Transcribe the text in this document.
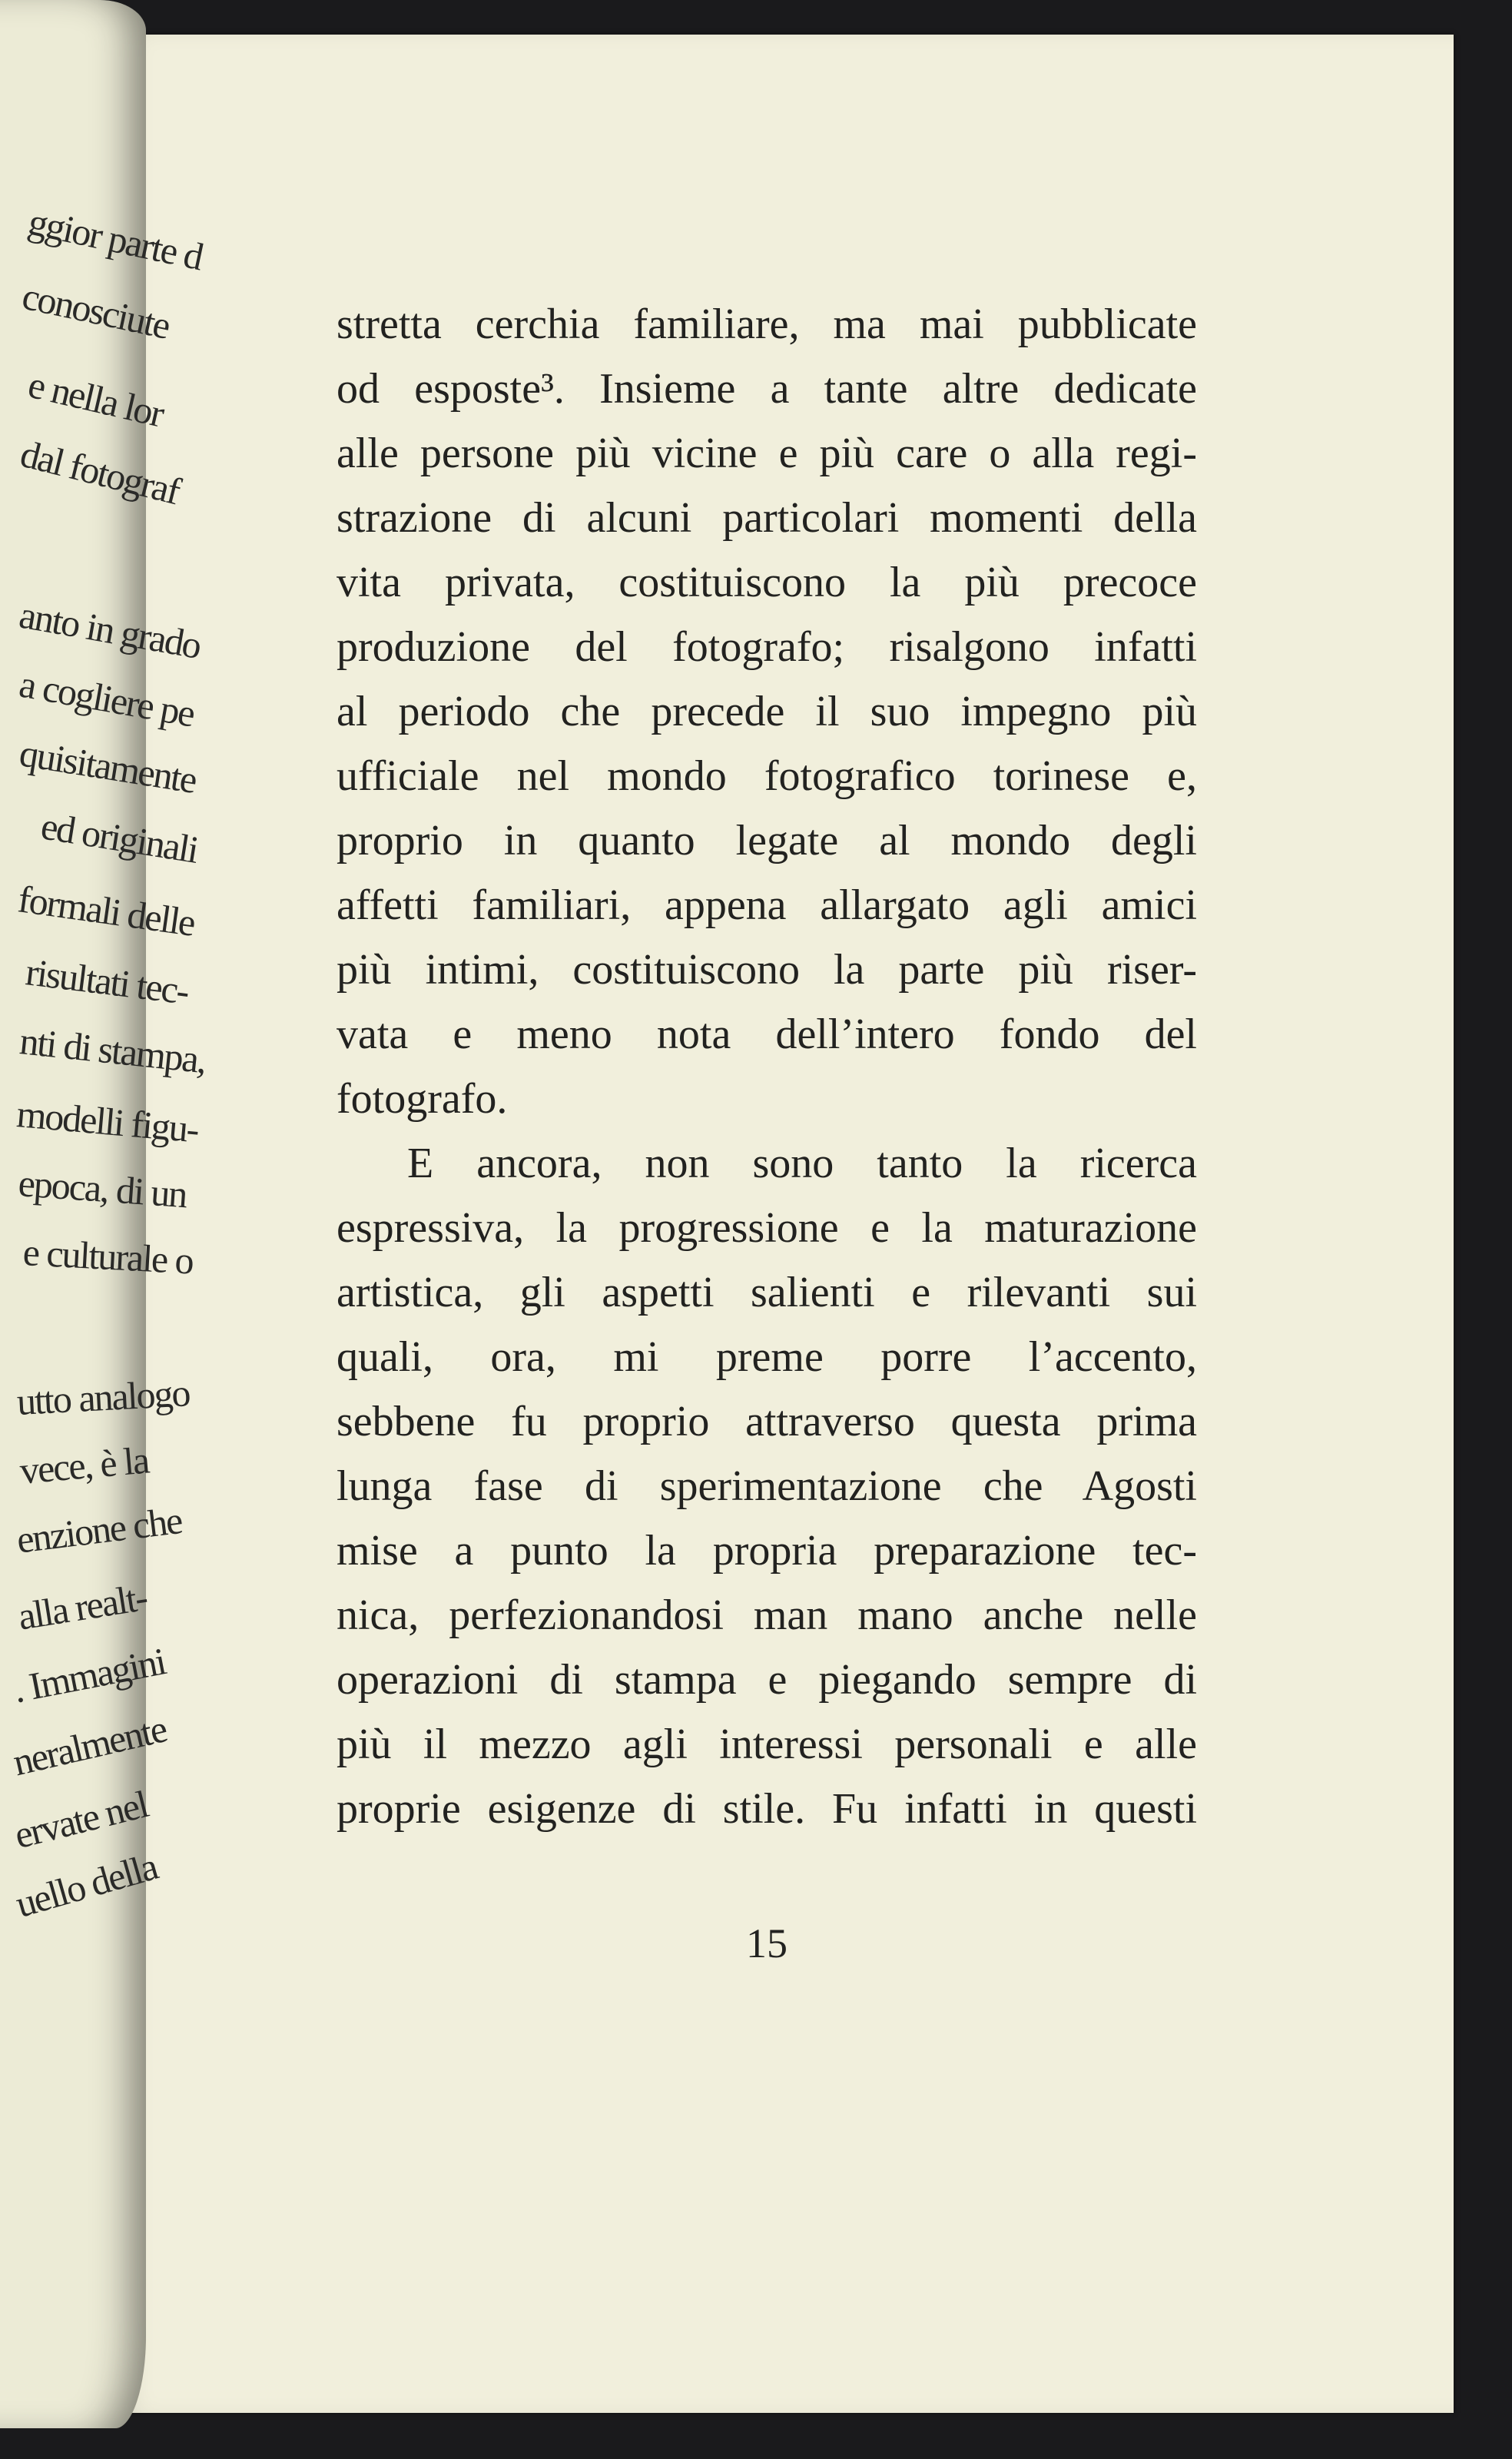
ggior parte d
conosciute
e nella lor
dal fotograf
anto in grado
a cogliere pe
quisitamente
ed originali
formali delle
risultati tec-
nti di stampa,
modelli figu-
epoca, di un
e culturale o
utto analogo
vece, è la
enzione che
alla realt-
. Immagini
neralmente
ervate nel
uello della
stretta cerchia familiare, ma mai pubblicate
od esposte³. Insieme a tante altre dedicate
alle persone più vicine e più care o alla regi-
strazione di alcuni particolari momenti della
vita privata, costituiscono la più precoce
produzione del fotografo; risalgono infatti
al periodo che precede il suo impegno più
ufficiale nel mondo fotografico torinese e,
proprio in quanto legate al mondo degli
affetti familiari, appena allargato agli amici
più intimi, costituiscono la parte più riser-
vata e meno nota dell’intero fondo del
fotografo.
E ancora, non sono tanto la ricerca
espressiva, la progressione e la maturazione
artistica, gli aspetti salienti e rilevanti sui
quali, ora, mi preme porre l’accento,
sebbene fu proprio attraverso questa prima
lunga fase di sperimentazione che Agosti
mise a punto la propria preparazione tec-
nica, perfezionandosi man mano anche nelle
operazioni di stampa e piegando sempre di
più il mezzo agli interessi personali e alle
proprie esigenze di stile. Fu infatti in questi
15
